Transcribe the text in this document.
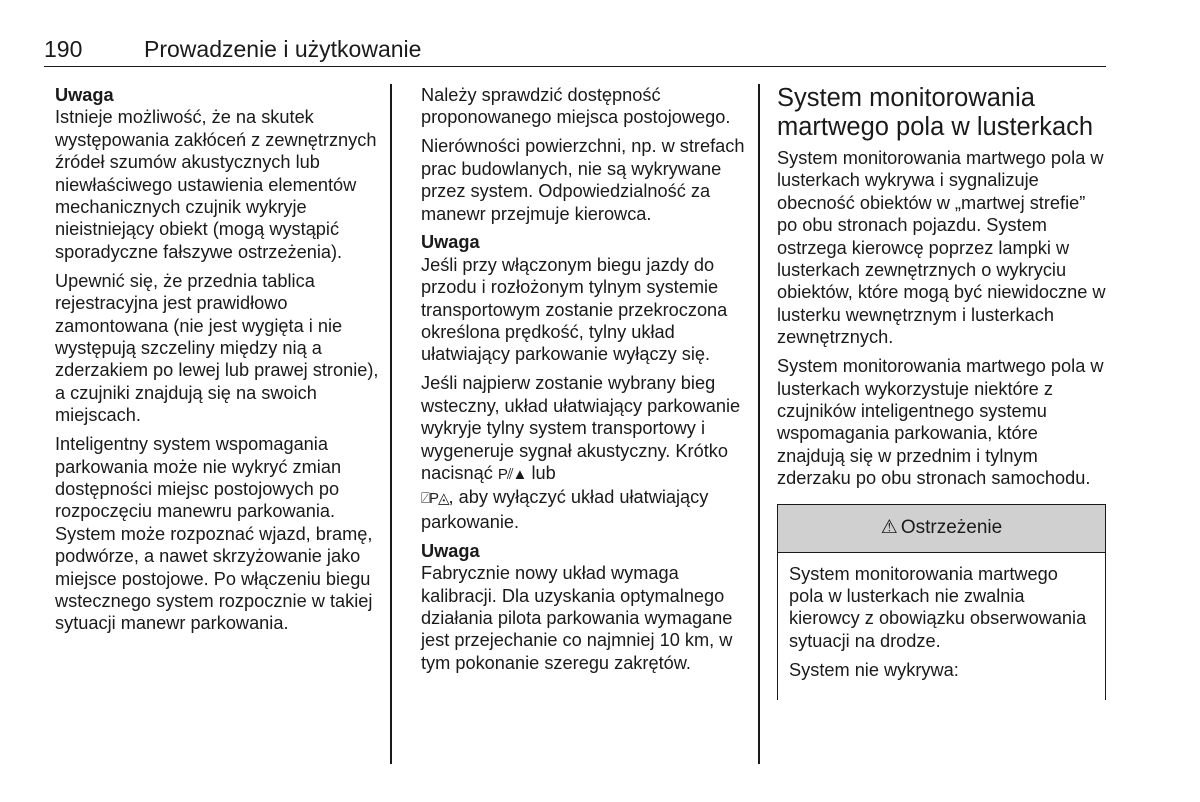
190	Prowadzenie i użytkowanie

Uwaga
Istnieje możliwość, że na skutek występowania zakłóceń z zewnętrznych źródeł szumów akustycznych lub niewłaściwego ustawienia elementów mechanicznych czujnik wykryje nieistniejący obiekt (mogą wystąpić sporadyczne fałszywe ostrzeżenia).

Upewnić się, że przednia tablica rejestracyjna jest prawidłowo zamontowana (nie jest wygięta i nie występują szczeliny między nią a zderzakiem po lewej lub prawej stronie), a czujniki znajdują się na swoich miejscach.

Inteligentny system wspomagania parkowania może nie wykryć zmian dostępności miejsc postojowych po rozpoczęciu manewru parkowania. System może rozpoznać wjazd, bramę, podwórze, a nawet skrzyżowanie jako miejsce postojowe. Po włączeniu biegu wstecznego system rozpocznie w takiej sytuacji manewr parkowania.

Należy sprawdzić dostępność proponowanego miejsca postojowego.

Nierówności powierzchni, np. w strefach prac budowlanych, nie są wykrywane przez system. Odpowiedzialność za manewr przejmuje kierowca.

Uwaga
Jeśli przy włączonym biegu jazdy do przodu i rozłożonym tylnym systemie transportowym zostanie przekroczona określona prędkość, tylny układ ułatwiający parkowanie wyłączy się.

Jeśli najpierw zostanie wybrany bieg wsteczny, układ ułatwiający parkowanie wykryje tylny system transportowy i wygeneruje sygnał akustyczny. Krótko nacisnąć P⫽▲ lub
⍁P◬, aby wyłączyć układ ułatwiający parkowanie.

Uwaga
Fabrycznie nowy układ wymaga kalibracji. Dla uzyskania optymalnego działania pilota parkowania wymagane jest przejechanie co najmniej 10 km, w tym pokonanie szeregu zakrętów.

System monitorowania martwego pola w lusterkach

System monitorowania martwego pola w lusterkach wykrywa i sygnalizuje obecność obiektów w „martwej strefie” po obu stronach pojazdu. System ostrzega kierowcę poprzez lampki w lusterkach zewnętrznych o wykryciu obiektów, które mogą być niewidoczne w lusterku wewnętrznym i lusterkach zewnętrznych.

System monitorowania martwego pola w lusterkach wykorzystuje niektóre z czujników inteligentnego systemu wspomagania parkowania, które znajdują się w przednim i tylnym zderzaku po obu stronach samochodu.

⚠ Ostrzeżenie

System monitorowania martwego pola w lusterkach nie zwalnia kierowcy z obowiązku obserwowania sytuacji na drodze.

System nie wykrywa:
